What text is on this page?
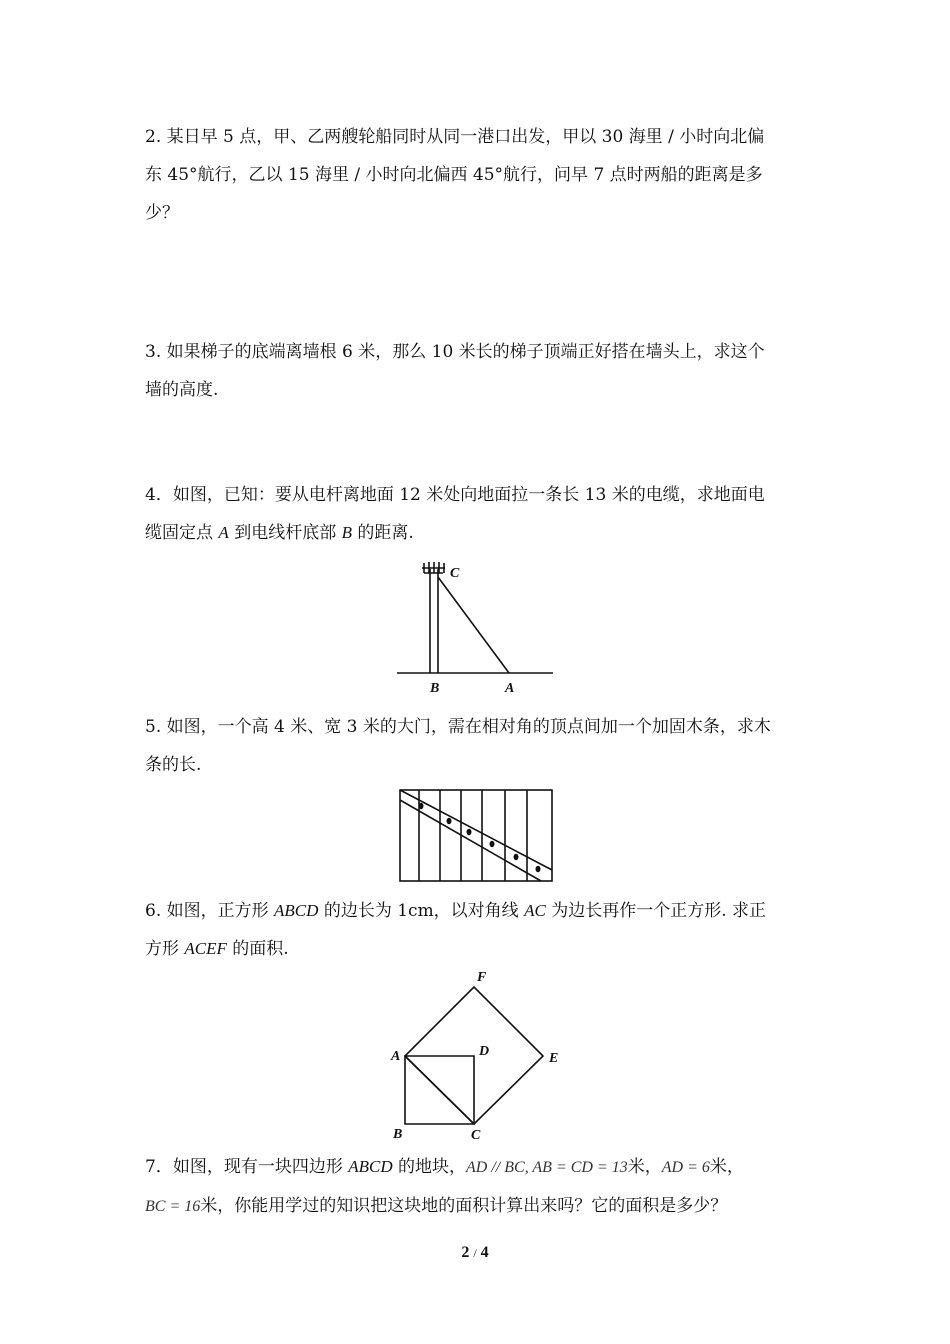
2. 某日早 5 点，甲、乙两艘轮船同时从同一港口出发，甲以 30 海里 / 小时向北偏
东 45°航行，乙以 15 海里 / 小时向北偏西 45°航行，问早 7 点时两船的距离是多
少？
3. 如果梯子的底端离墙根 6 米，那么 10 米长的梯子顶端正好搭在墙头上，求这个
墙的高度.
4．如图，已知：要从电杆离地面 12 米处向地面拉一条长 13 米的电缆，求地面电
缆固定点 A 到电线杆底部 B 的距离.
C
B	A
5. 如图，一个高 4 米、宽 3 米的大门，需在相对角的顶点间加一个加固木条，求木
条的长.
6. 如图，正方形 ABCD 的边长为 1cm，以对角线 AC 为边长再作一个正方形. 求正
方形 ACEF 的面积.
F
A	D	E
B	C
7．如图，现有一块四边形 ABCD 的地块，AD // BC, AB = CD = 13米，AD = 6米，
BC = 16米，你能用学过的知识把这块地的面积计算出来吗？它的面积是多少？
2 / 4
